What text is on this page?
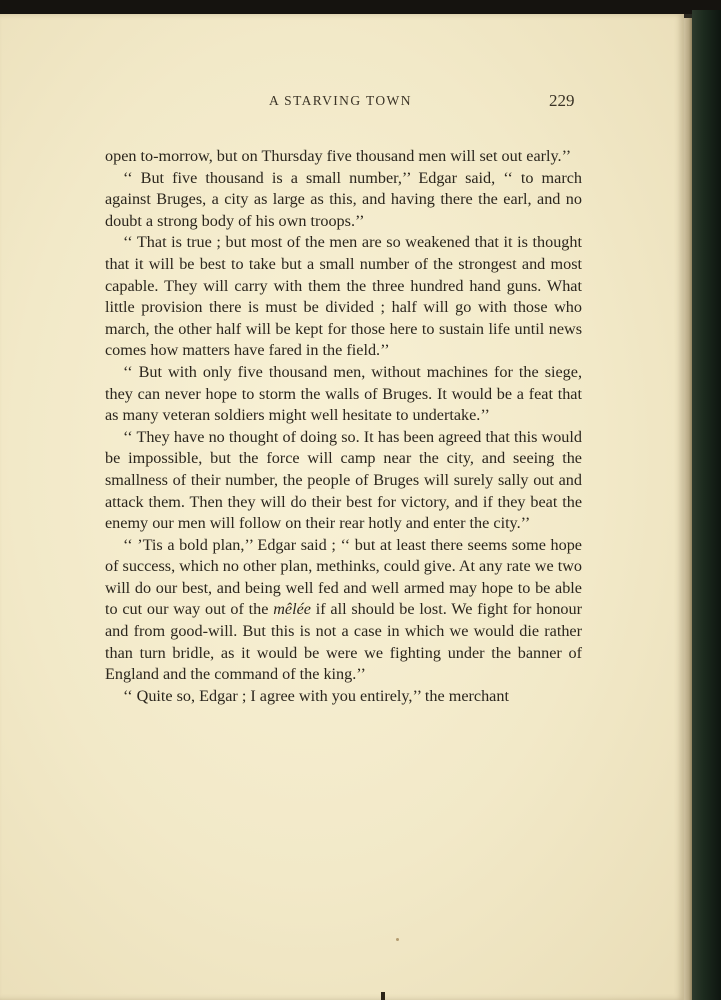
A STARVING TOWN	229

open to-morrow, but on Thursday five thousand men will set out early.’’

‘‘ But five thousand is a small number,’’ Edgar said, ‘‘ to march against Bruges, a city as large as this, and having there the earl, and no doubt a strong body of his own troops.’’

‘‘ That is true ; but most of the men are so weakened that it is thought that it will be best to take but a small number of the strongest and most capable. They will carry with them the three hundred hand guns. What little provision there is must be divided ; half will go with those who march, the other half will be kept for those here to sustain life until news comes how matters have fared in the field.’’

‘‘ But with only five thousand men, without machines for the siege, they can never hope to storm the walls of Bruges. It would be a feat that as many veteran soldiers might well hesitate to undertake.’’

‘‘ They have no thought of doing so. It has been agreed that this would be impossible, but the force will camp near the city, and seeing the smallness of their number, the people of Bruges will surely sally out and attack them. Then they will do their best for victory, and if they beat the enemy our men will follow on their rear hotly and enter the city.’’

‘‘ ’Tis a bold plan,’’ Edgar said ; ‘‘ but at least there seems some hope of success, which no other plan, methinks, could give. At any rate we two will do our best, and being well fed and well armed may hope to be able to cut our way out of the mêlée if all should be lost. We fight for honour and from good-will. But this is not a case in which we would die rather than turn bridle, as it would be were we fighting under the banner of England and the command of the king.’’

‘‘ Quite so, Edgar ; I agree with you entirely,’’ the merchant
